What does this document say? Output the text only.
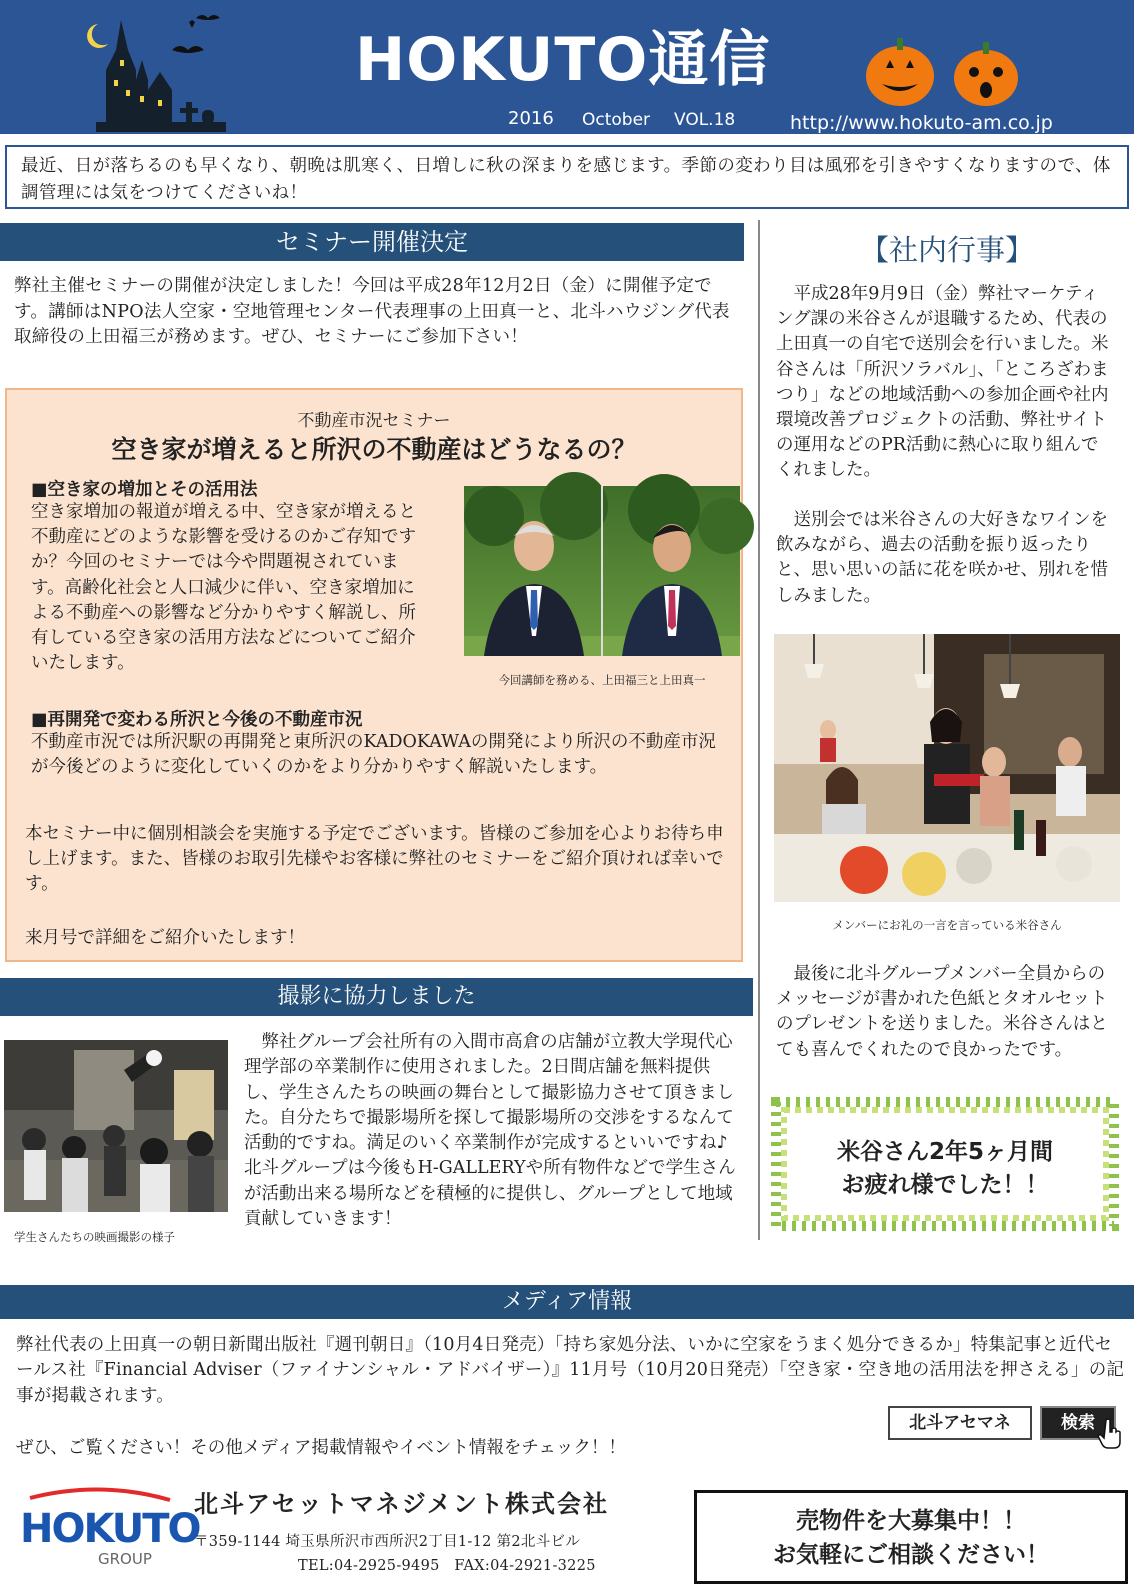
HOKUTO通信
2016 October VOL.18	http://www.hokuto-am.co.jp
最近、日が落ちるのも早くなり、朝晩は肌寒く、日増しに秋の深まりを感じます。季節の変わり目は風邪を引きやすくなりますので、体調管理には気をつけてくださいね！
セミナー開催決定
弊社主催セミナーの開催が決定しました！今回は平成28年12月2日（金）に開催予定です。講師はNPO法人空家・空地管理センター代表理事の上田真一と、北斗ハウジング代表取締役の上田福三が務めます。ぜひ、セミナーにご参加下さい！
不動産市況セミナー
空き家が増えると所沢の不動産はどうなるの？
■空き家の増加とその活用法
空き家増加の報道が増える中、空き家が増えると不動産にどのような影響を受けるのかご存知ですか？今回のセミナーでは今や問題視されています。高齢化社会と人口減少に伴い、空き家増加による不動産への影響など分かりやすく解説し、所有している空き家の活用方法などについてご紹介いたします。
今回講師を務める、上田福三と上田真一
■再開発で変わる所沢と今後の不動産市況
不動産市況では所沢駅の再開発と東所沢のKADOKAWAの開発により所沢の不動産市況が今後どのように変化していくのかをより分かりやすく解説いたします。
本セミナー中に個別相談会を実施する予定でございます。皆様のご参加を心よりお待ち申し上げます。また、皆様のお取引先様やお客様に弊社のセミナーをご紹介頂ければ幸いです。
来月号で詳細をご紹介いたします！
撮影に協力しました
学生さんたちの映画撮影の様子
弊社グループ会社所有の入間市高倉の店舗が立教大学現代心理学部の卒業制作に使用されました。2日間店舗を無料提供し、学生さんたちの映画の舞台として撮影協力させて頂きました。自分たちで撮影場所を探して撮影場所の交渉をするなんて活動的ですね。満足のいく卒業制作が完成するといいですね♪北斗グループは今後もH-GALLERYや所有物件などで学生さんが活動出来る場所などを積極的に提供し、グループとして地域貢献していきます！
【社内行事】
平成28年9月9日（金）弊社マーケティング課の米谷さんが退職するため、代表の上田真一の自宅で送別会を行いました。米谷さんは「所沢ソラバル」、「ところざわまつり」などの地域活動への参加企画や社内環境改善プロジェクトの活動、弊社サイトの運用などのPR活動に熱心に取り組んでくれました。
送別会では米谷さんの大好きなワインを飲みながら、過去の活動を振り返ったりと、思い思いの話に花を咲かせ、別れを惜しみました。
メンバーにお礼の一言を言っている米谷さん
最後に北斗グループメンバー全員からのメッセージが書かれた色紙とタオルセットのプレゼントを送りました。米谷さんはとても喜んでくれたので良かったです。
米谷さん2年5ヶ月間
お疲れ様でした！！
メディア情報
弊社代表の上田真一の朝日新聞出版社『週刊朝日』（10月4日発売）「持ち家処分法、いかに空家をうまく処分できるか」特集記事と近代セールス社『Financial Adviser（ファイナンシャル・アドバイザー）』11月号（10月20日発売）「空き家・空き地の活用法を押さえる」の記事が掲載されます。
北斗アセマネ	検索
ぜひ、ご覧ください！その他メディア掲載情報やイベント情報をチェック！！
HOKUTO
GROUP
北斗アセットマネジメント株式会社
〒359-1144 埼玉県所沢市西所沢2丁目1-12 第2北斗ビル
TEL:04-2925-9495　FAX:04-2921-3225
売物件を大募集中！！
お気軽にご相談ください！
